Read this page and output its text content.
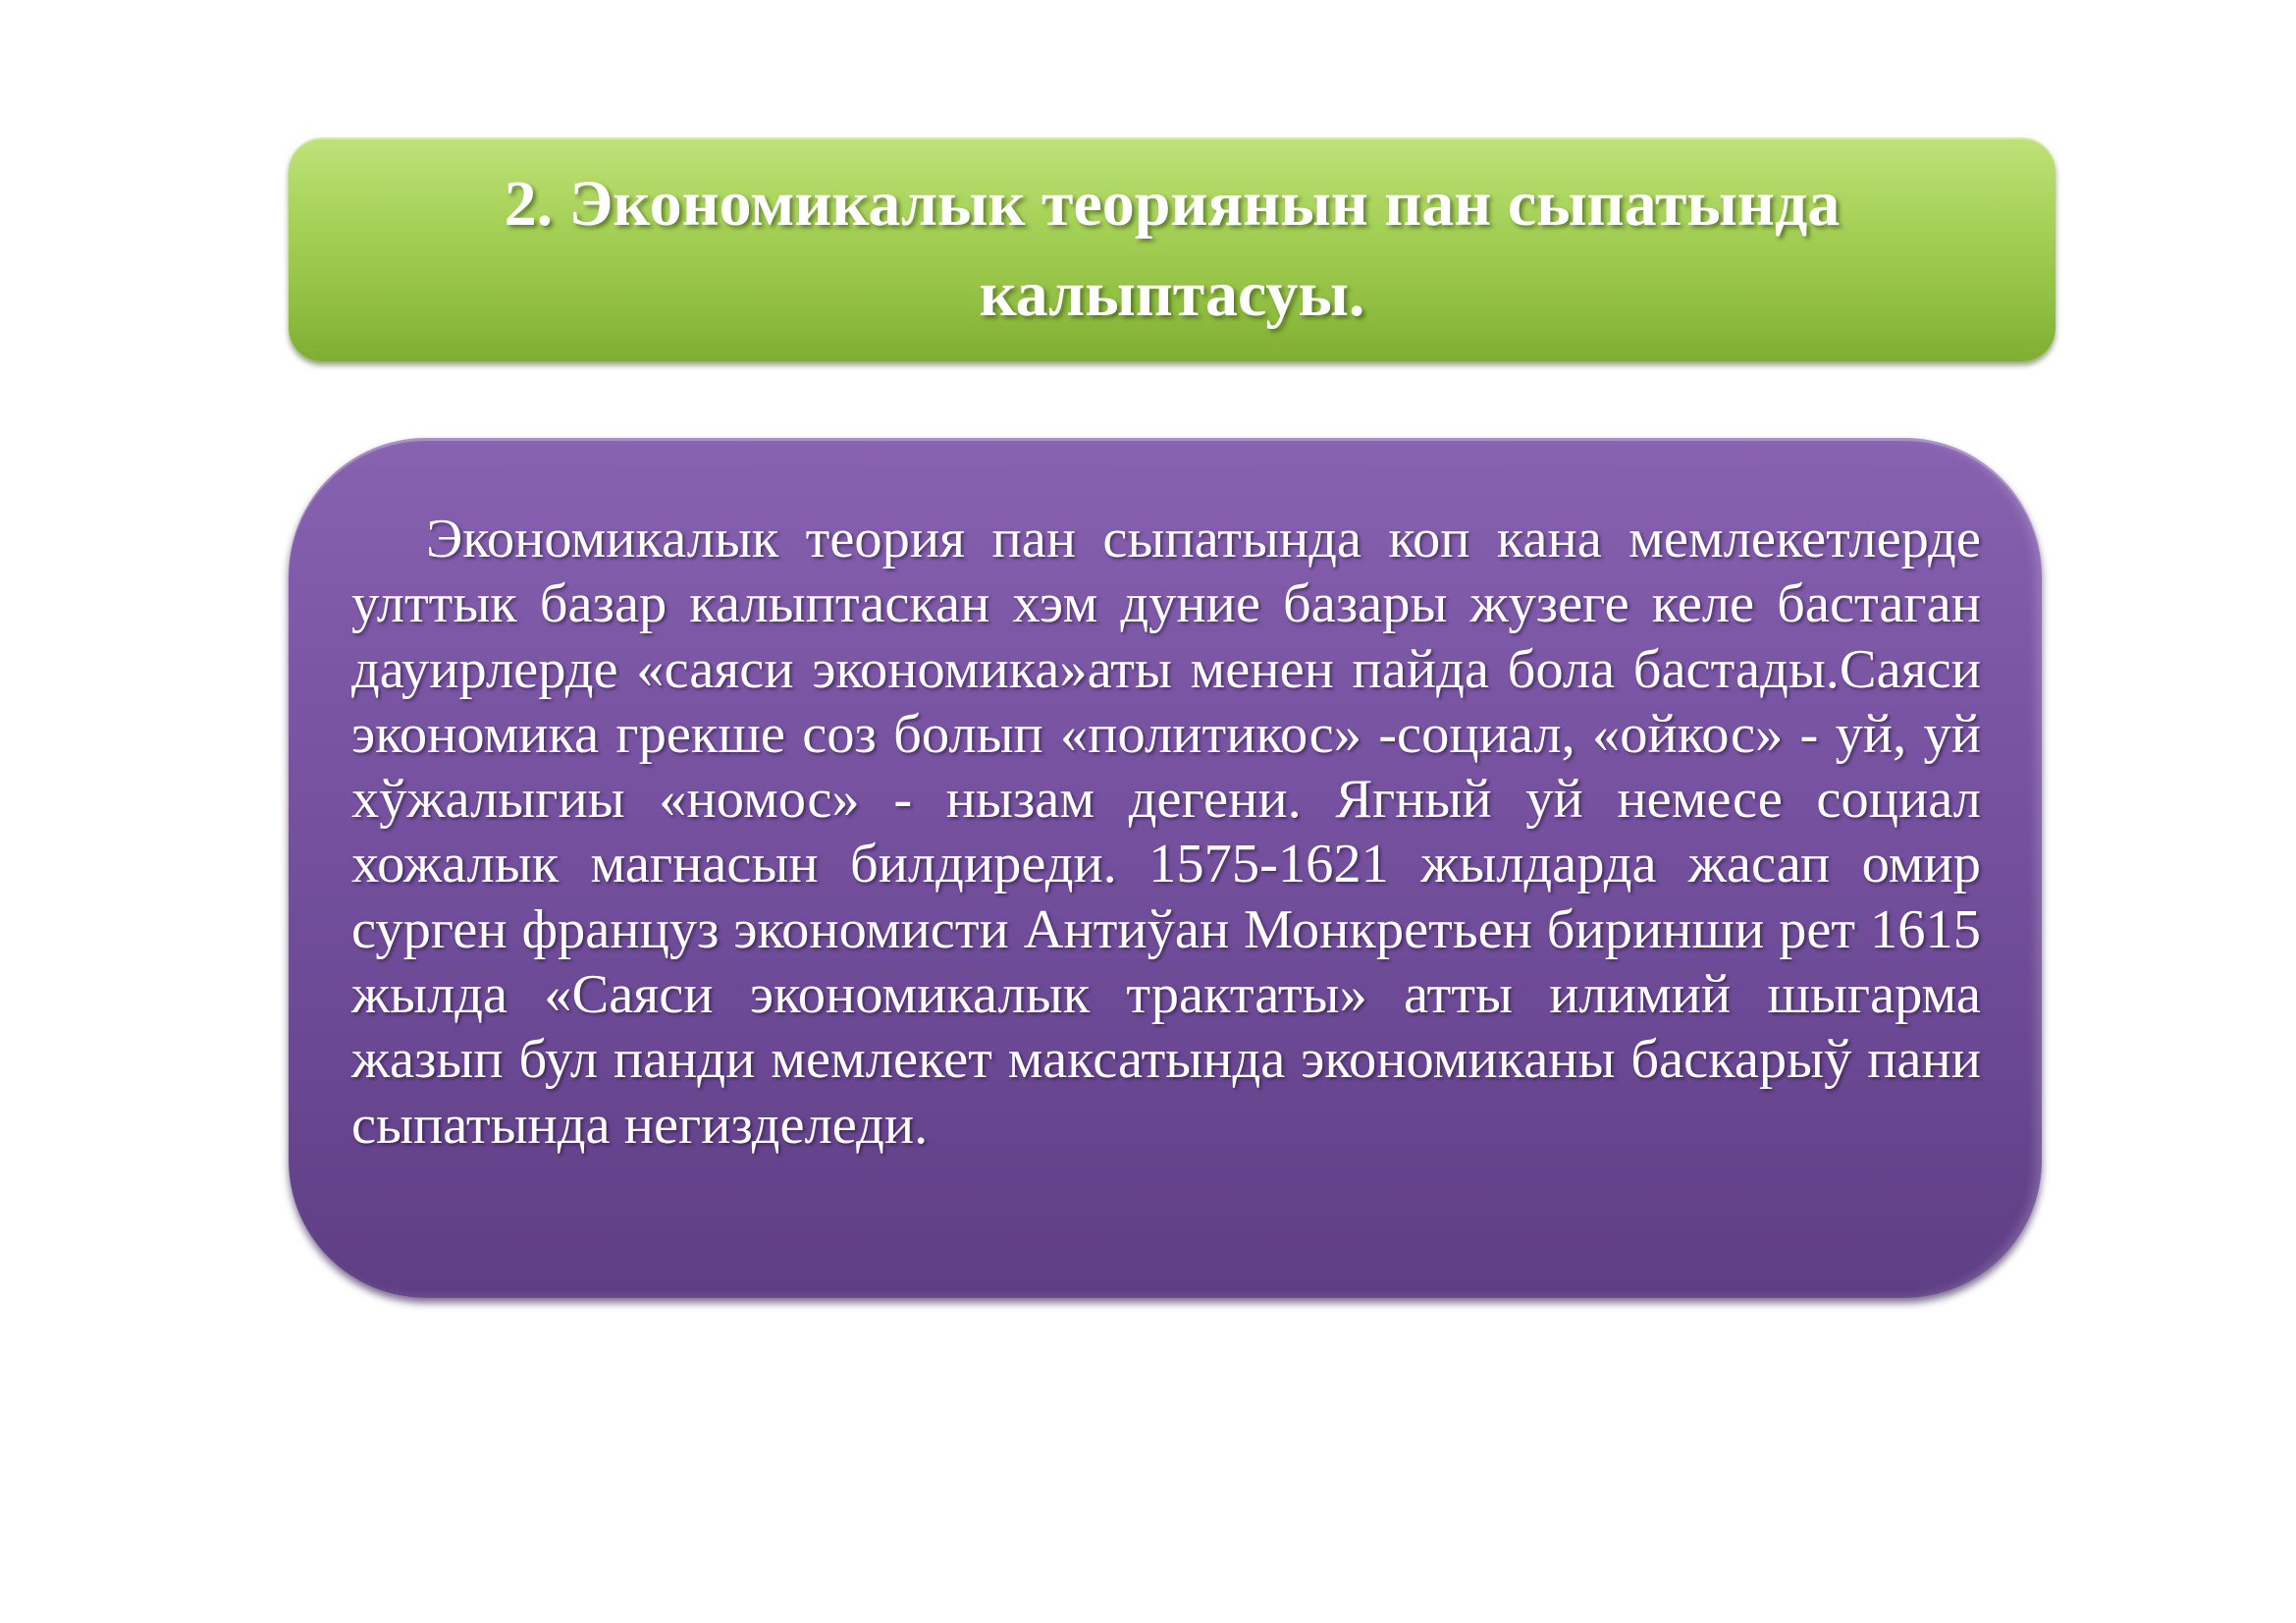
2. Экономикалык теориянын пан сыпатында калыптасуы.

Экономикалык теория пан сыпатында коп кана мемлекетлерде улттык базар калыптаскан хэм дуние базары жузеге келе бастаган дауирлерде «саяси экономика»аты менен пайда бола бастады.Саяси экономика грекше соз болып «политикос» -социал, «ойкос» - уй, уй хўжалыгиы «номос» - нызам дегени. Ягный уй немесе социал хожалык магнасын билдиреди. 1575-1621 жылдарда жасап омир сурген француз экономисти Антиўан Монкретьен биринши рет 1615 жылда «Саяси экономикалык трактаты» атты илимий шыгарма жазып бул панди мемлекет максатында экономиканы баскарыў пани сыпатында негизделеди.
